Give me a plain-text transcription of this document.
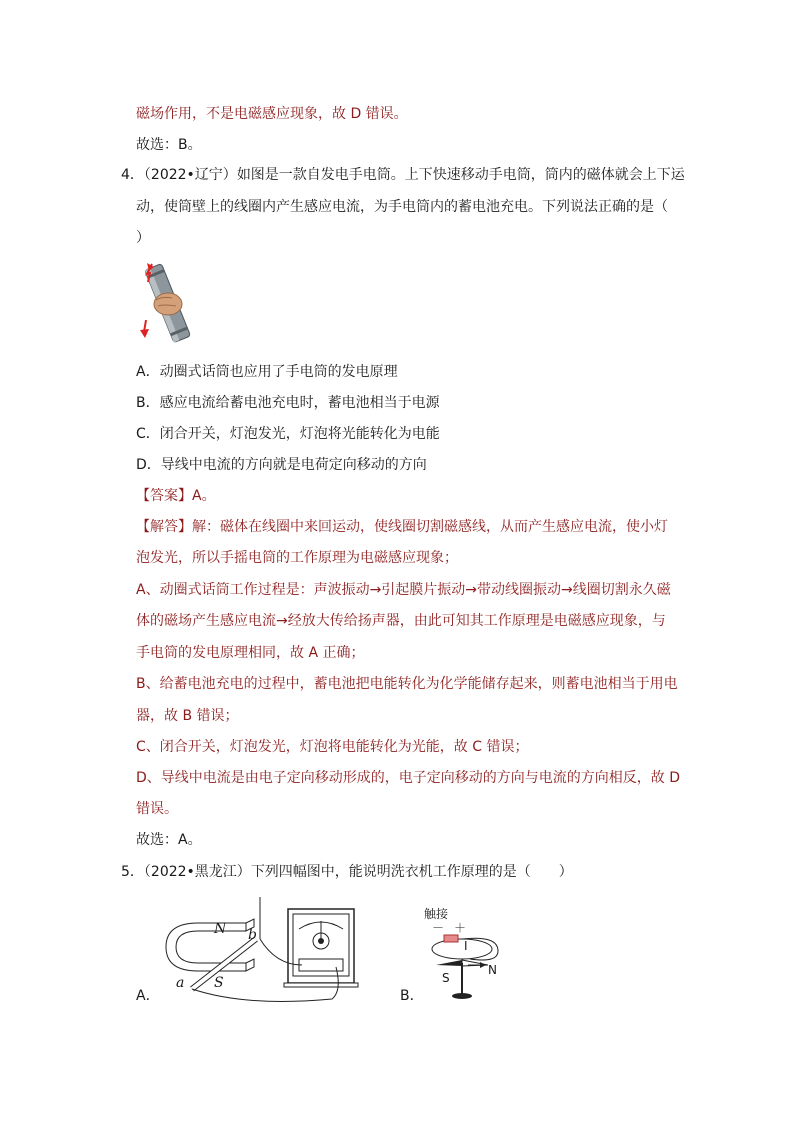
磁场作用，不是电磁感应现象，故 D 错误。
故选：B。
4．（2022•辽宁）如图是一款自发电手电筒。上下快速移动手电筒，筒内的磁体就会上下运
动，使筒壁上的线圈内产生感应电流，为手电筒内的蓄电池充电。下列说法正确的是（
）
A．动圈式话筒也应用了手电筒的发电原理
B．感应电流给蓄电池充电时，蓄电池相当于电源
C．闭合开关，灯泡发光，灯泡将光能转化为电能
D．导线中电流的方向就是电荷定向移动的方向
【答案】A。
【解答】解：磁体在线圈中来回运动，使线圈切割磁感线，从而产生感应电流，使小灯
泡发光，所以手摇电筒的工作原理为电磁感应现象；
A、动圈式话筒工作过程是：声波振动→引起膜片振动→带动线圈振动→线圈切割永久磁
体的磁场产生感应电流→经放大传给扬声器，由此可知其工作原理是电磁感应现象，与
手电筒的发电原理相同，故 A 正确；
B、给蓄电池充电的过程中，蓄电池把电能转化为化学能储存起来，则蓄电池相当于用电
器，故 B 错误；
C、闭合开关，灯泡发光，灯泡将电能转化为光能，故 C 错误；
D、导线中电流是由电子定向移动形成的，电子定向移动的方向与电流的方向相反，故 D
错误。
故选：A。
5．（2022•黑龙江）下列四幅图中，能说明洗衣机工作原理的是（　　）
N
S
a
b
A．
触接
－ ＋
I
S
N
B．
